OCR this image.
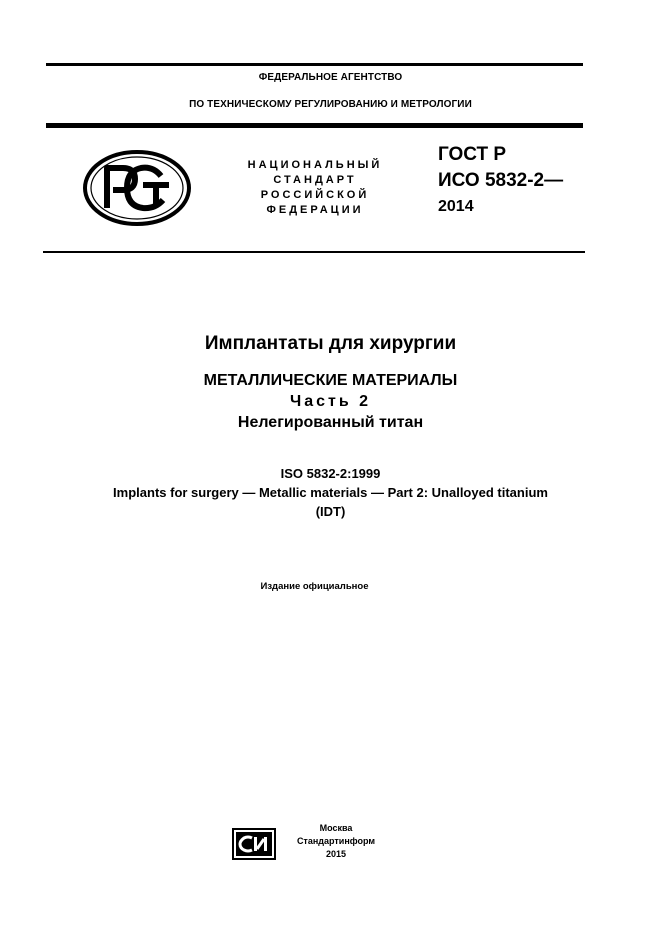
ФЕДЕРАЛЬНОЕ АГЕНТСТВО
ПО ТЕХНИЧЕСКОМУ РЕГУЛИРОВАНИЮ И МЕТРОЛОГИИ
НАЦИОНАЛЬНЫЙ
СТАНДАРТ
РОССИЙСКОЙ
ФЕДЕРАЦИИ
ГОСТ Р
ИСО 5832-2—
2014
Имплантаты для хирургии
МЕТАЛЛИЧЕСКИЕ МАТЕРИАЛЫ
Часть 2
Нелегированный титан
ISO 5832-2:1999
Implants for surgery — Metallic materials — Part 2: Unalloyed titanium
(IDT)
Издание официальное
Москва
Стандартинформ
2015
